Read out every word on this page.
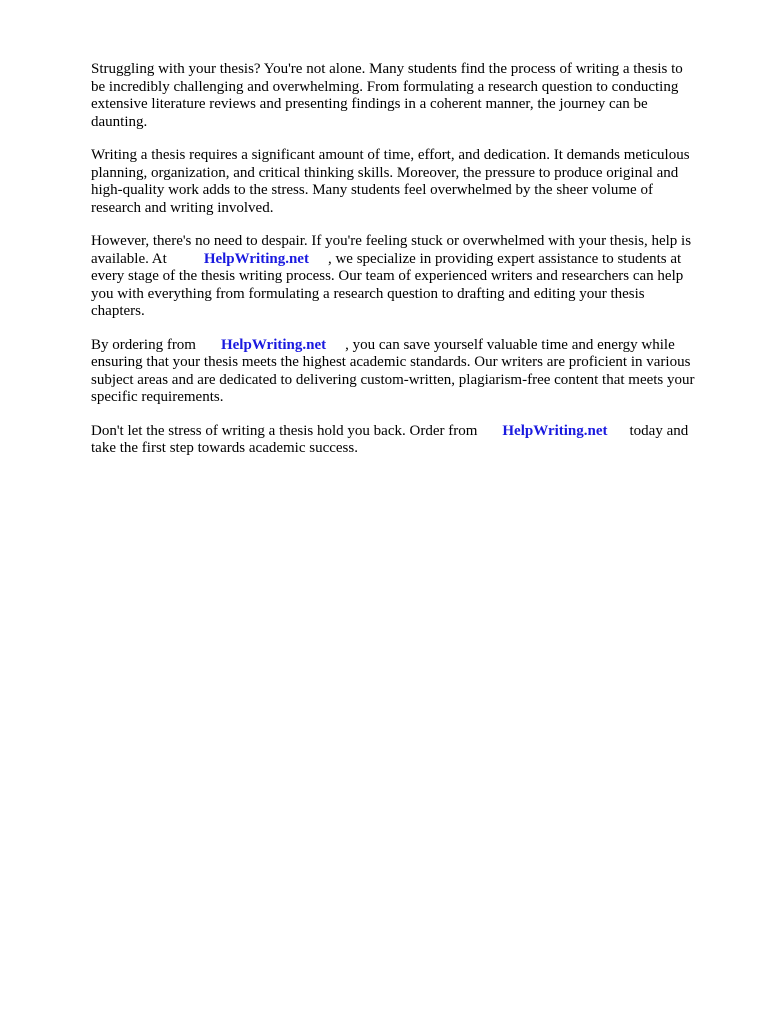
Struggling with your thesis? You're not alone. Many students find the process of writing a thesis to
be incredibly challenging and overwhelming. From formulating a research question to conducting
extensive literature reviews and presenting findings in a coherent manner, the journey can be
daunting.

Writing a thesis requires a significant amount of time, effort, and dedication. It demands meticulous
planning, organization, and critical thinking skills. Moreover, the pressure to produce original and
high-quality work adds to the stress. Many students feel overwhelmed by the sheer volume of
research and writing involved.

However, there's no need to despair. If you're feeling stuck or overwhelmed with your thesis, help is
available. At HelpWriting.net , we specialize in providing expert assistance to students at
every stage of the thesis writing process. Our team of experienced writers and researchers can help
you with everything from formulating a research question to drafting and editing your thesis
chapters.

By ordering from HelpWriting.net , you can save yourself valuable time and energy while
ensuring that your thesis meets the highest academic standards. Our writers are proficient in various
subject areas and are dedicated to delivering custom-written, plagiarism-free content that meets your
specific requirements.

Don't let the stress of writing a thesis hold you back. Order from HelpWriting.net today and
take the first step towards academic success.
